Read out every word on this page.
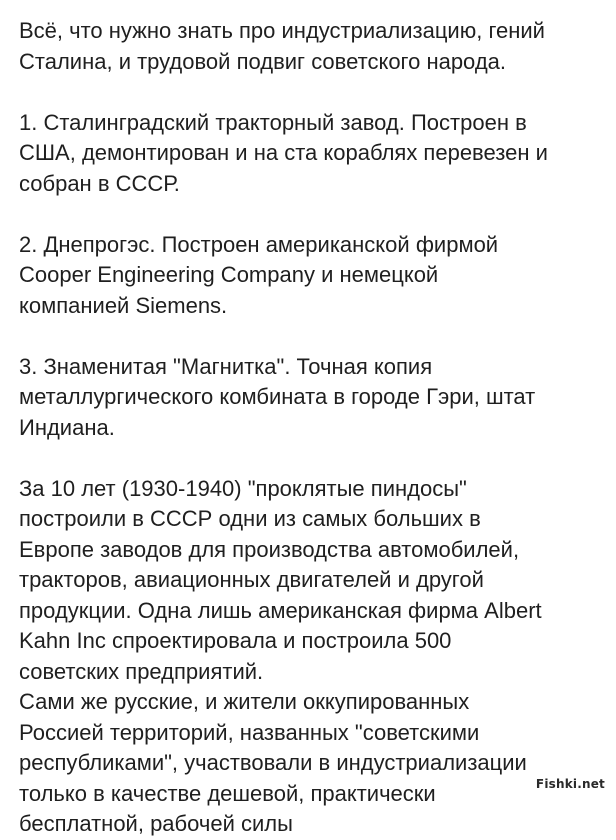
Всё, что нужно знать про индустриализацию, гений
Сталина, и трудовой подвиг советского народа.
1. Сталинградский тракторный завод. Построен в
США, демонтирован и на ста кораблях перевезен и
собран в СССР.
2. Днепрогэс. Построен американской фирмой
Cooper Engineering Company и немецкой
компанией Siemens.
3. Знаменитая "Магнитка". Точная копия
металлургического комбината в городе Гэри, штат
Индиана.
За 10 лет (1930-1940) "проклятые пиндосы"
построили в СССР одни из самых больших в
Европе заводов для производства автомобилей,
тракторов, авиационных двигателей и другой
продукции. Одна лишь американская фирма Albert
Kahn Inc спроектировала и построила 500
советских предприятий.
Сами же русские, и жители оккупированных
Россией территорий, названных "советскими
республиками", участвовали в индустриализации
только в качестве дешевой, практически
бесплатной, рабочей силы
Fishki.net
